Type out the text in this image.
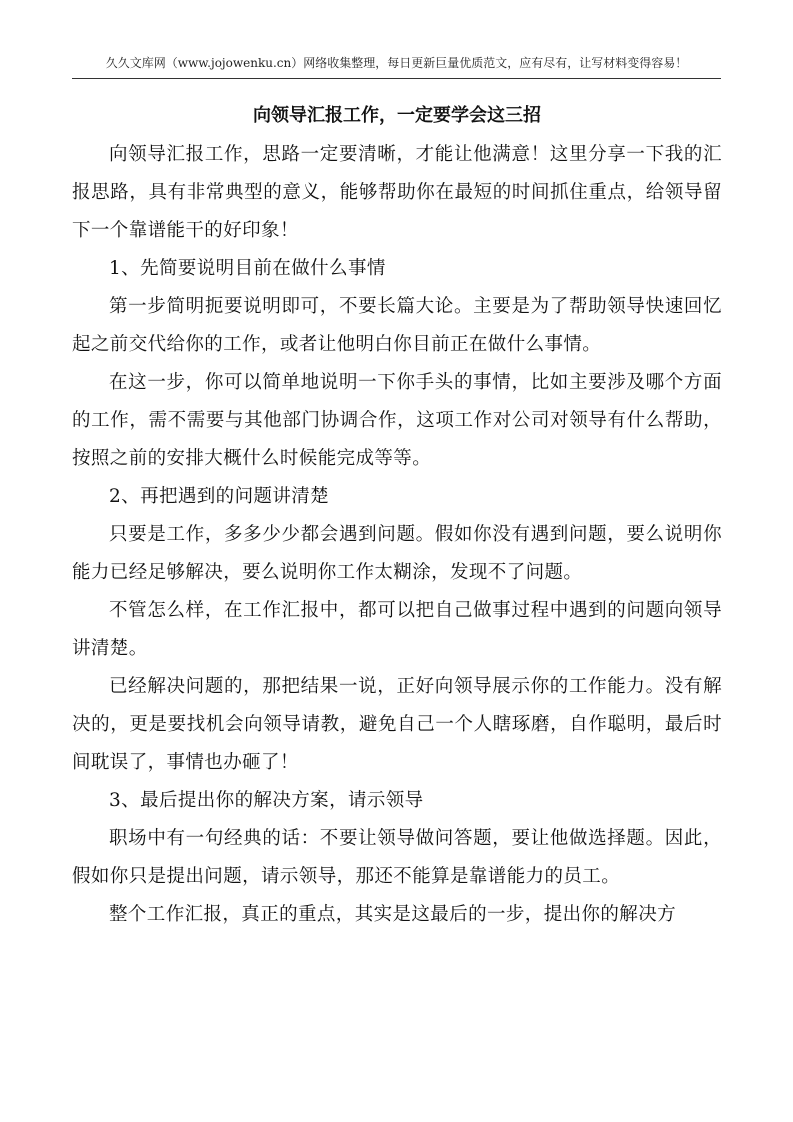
久久文库网（www.jojowenku.cn）网络收集整理，每日更新巨量优质范文，应有尽有，让写材料变得容易！
向领导汇报工作，一定要学会这三招

向领导汇报工作，思路一定要清晰，才能让他满意！这里分享一下我的汇报思路，具有非常典型的意义，能够帮助你在最短的时间抓住重点，给领导留下一个靠谱能干的好印象！

1、先简要说明目前在做什么事情

第一步简明扼要说明即可，不要长篇大论。主要是为了帮助领导快速回忆起之前交代给你的工作，或者让他明白你目前正在做什么事情。

在这一步，你可以简单地说明一下你手头的事情，比如主要涉及哪个方面的工作，需不需要与其他部门协调合作，这项工作对公司对领导有什么帮助，按照之前的安排大概什么时候能完成等等。

2、再把遇到的问题讲清楚

只要是工作，多多少少都会遇到问题。假如你没有遇到问题，要么说明你能力已经足够解决，要么说明你工作太糊涂，发现不了问题。

不管怎么样，在工作汇报中，都可以把自己做事过程中遇到的问题向领导讲清楚。

已经解决问题的，那把结果一说，正好向领导展示你的工作能力。没有解决的，更是要找机会向领导请教，避免自己一个人瞎琢磨，自作聪明，最后时间耽误了，事情也办砸了！

3、最后提出你的解决方案，请示领导

职场中有一句经典的话：不要让领导做问答题，要让他做选择题。因此，假如你只是提出问题，请示领导，那还不能算是靠谱能力的员工。

整个工作汇报，真正的重点，其实是这最后的一步，提出你的解决方
